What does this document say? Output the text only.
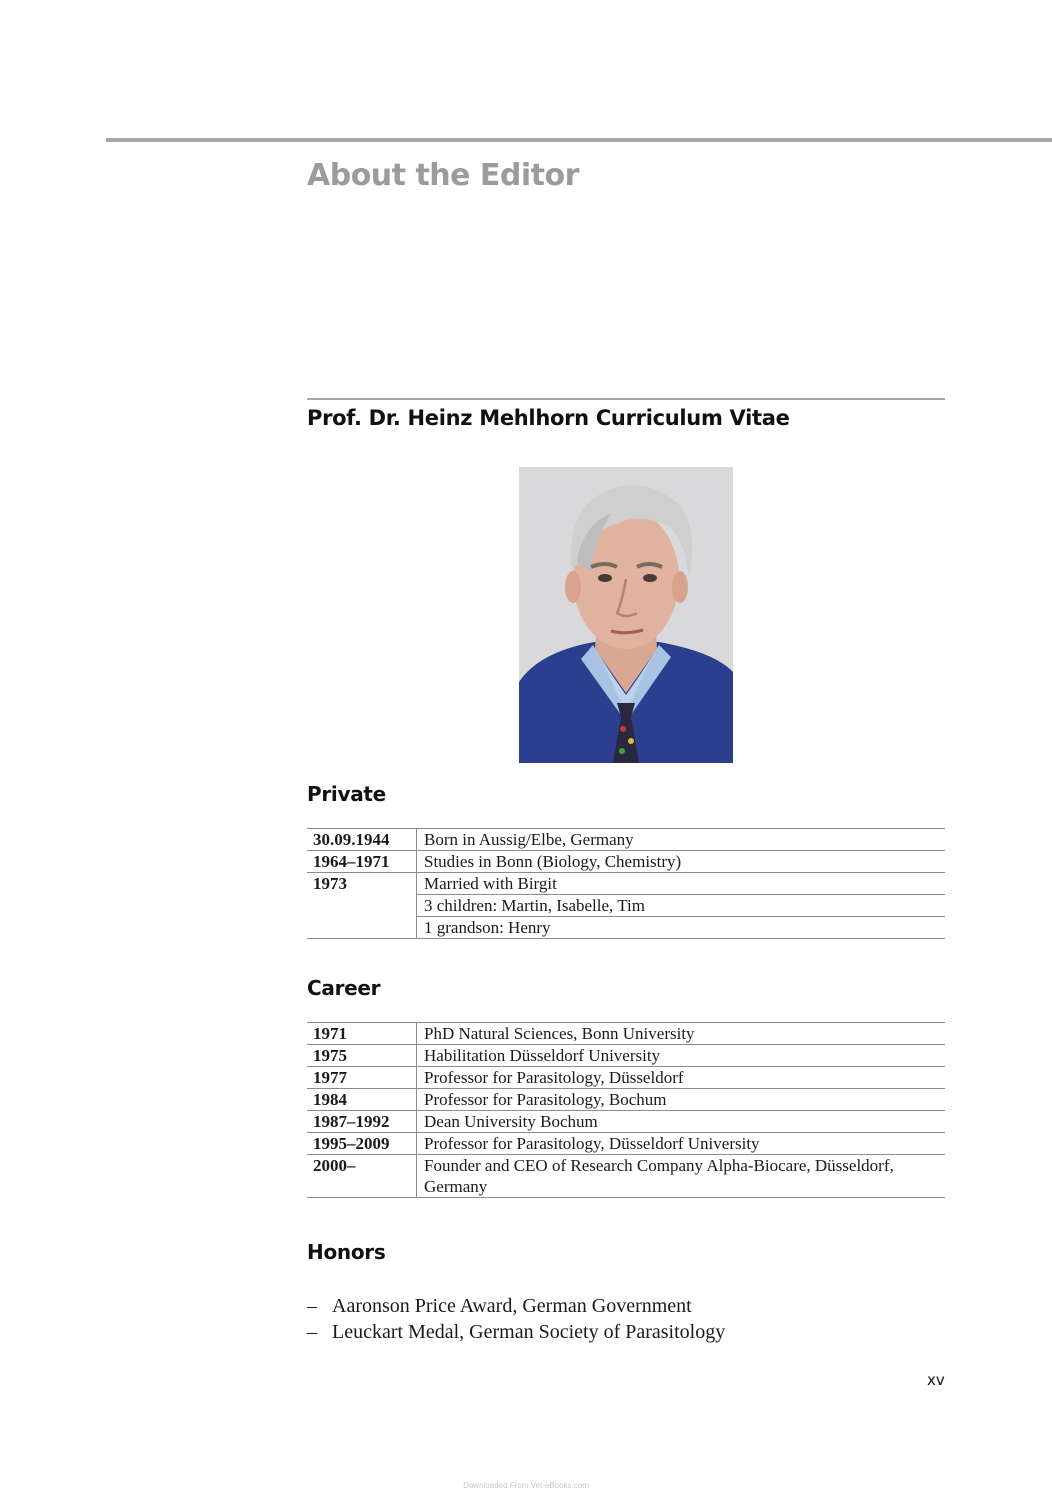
About the Editor
Prof. Dr. Heinz Mehlhorn Curriculum Vitae
Private
30.09.1944	Born in Aussig/Elbe, Germany
1964–1971	Studies in Bonn (Biology, Chemistry)
1973	Married with Birgit
	3 children: Martin, Isabelle, Tim
	1 grandson: Henry
Career
1971	PhD Natural Sciences, Bonn University
1975	Habilitation Düsseldorf University
1977	Professor for Parasitology, Düsseldorf
1984	Professor for Parasitology, Bochum
1987–1992	Dean University Bochum
1995–2009	Professor for Parasitology, Düsseldorf University
2000–	Founder and CEO of Research Company Alpha-Biocare, Düsseldorf, Germany
Honors
– Aaronson Price Award, German Government
– Leuckart Medal, German Society of Parasitology
xv
Downloaded From Vet-eBooks.com
